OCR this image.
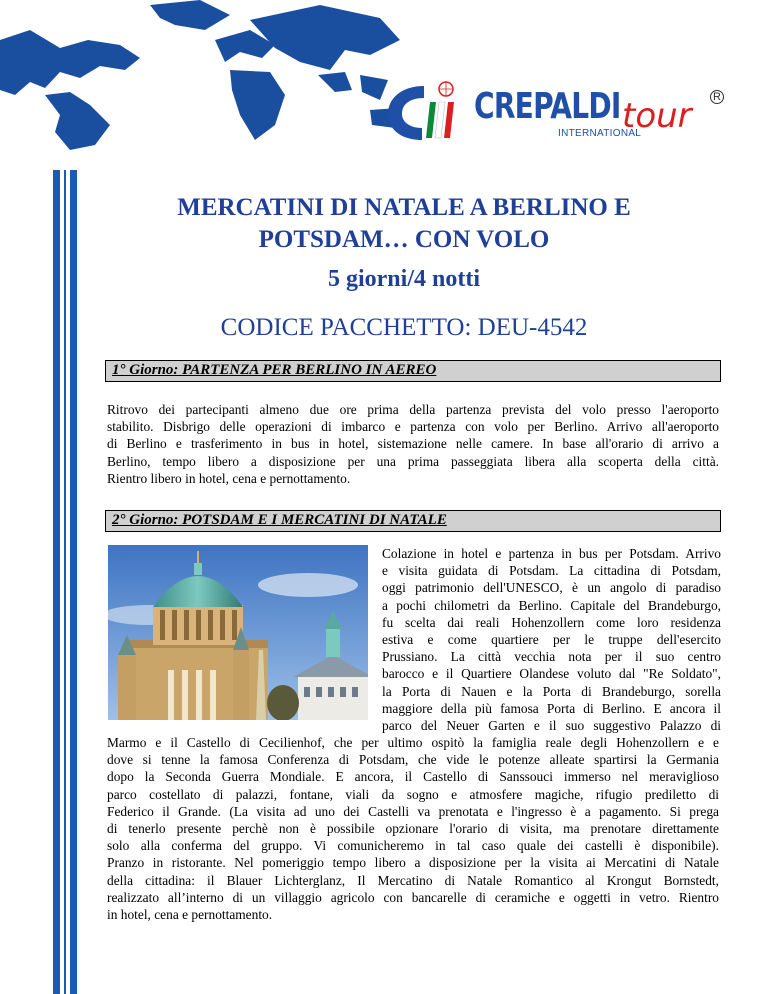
CREPALDI tour
INTERNATIONAL
R
MERCATINI DI NATALE A BERLINO E
POTSDAM… CON VOLO
5 giorni/4 notti
CODICE PACCHETTO: DEU-4542
1° Giorno: PARTENZA PER BERLINO IN AEREO
Ritrovo dei partecipanti almeno due ore prima della partenza prevista del volo presso l'aeroporto
stabilito. Disbrigo delle operazioni di imbarco e partenza con volo per Berlino. Arrivo all'aeroporto
di Berlino e trasferimento in bus in hotel, sistemazione nelle camere. In base all'orario di arrivo a
Berlino, tempo libero a disposizione per una prima passeggiata libera alla scoperta della città.
Rientro libero in hotel, cena e pernottamento.
2° Giorno: POTSDAM E I MERCATINI DI NATALE
Colazione in hotel e partenza in bus per Potsdam. Arrivo
e visita guidata di Potsdam. La cittadina di Potsdam,
oggi patrimonio dell'UNESCO, è un angolo di paradiso
a pochi chilometri da Berlino. Capitale del Brandeburgo,
fu scelta dai reali Hohenzollern come loro residenza
estiva e come quartiere per le truppe dell'esercito
Prussiano. La città vecchia nota per il suo centro
barocco e il Quartiere Olandese voluto dal "Re Soldato",
la Porta di Nauen e la Porta di Brandeburgo, sorella
maggiore della più famosa Porta di Berlino. E ancora il
parco del Neuer Garten e il suo suggestivo Palazzo di
Marmo e il Castello di Cecilienhof, che per ultimo ospitò la famiglia reale degli Hohenzollern e e
dove si tenne la famosa Conferenza di Potsdam, che vide le potenze alleate spartirsi la Germania
dopo la Seconda Guerra Mondiale. E ancora, il Castello di Sanssouci immerso nel meraviglioso
parco costellato di palazzi, fontane, viali da sogno e atmosfere magiche, rifugio prediletto di
Federico il Grande. (La visita ad uno dei Castelli va prenotata e l'ingresso è a pagamento. Si prega
di tenerlo presente perchè non è possibile opzionare l'orario di visita, ma prenotare direttamente
solo alla conferma del gruppo. Vi comunicheremo in tal caso quale dei castelli è disponibile).
Pranzo in ristorante. Nel pomeriggio tempo libero a disposizione per la visita ai Mercatini di Natale
della cittadina: il Blauer Lichterglanz, Il Mercatino di Natale Romantico al Krongut Bornstedt,
realizzato all’interno di un villaggio agricolo con bancarelle di ceramiche e oggetti in vetro. Rientro
in hotel, cena e pernottamento.
